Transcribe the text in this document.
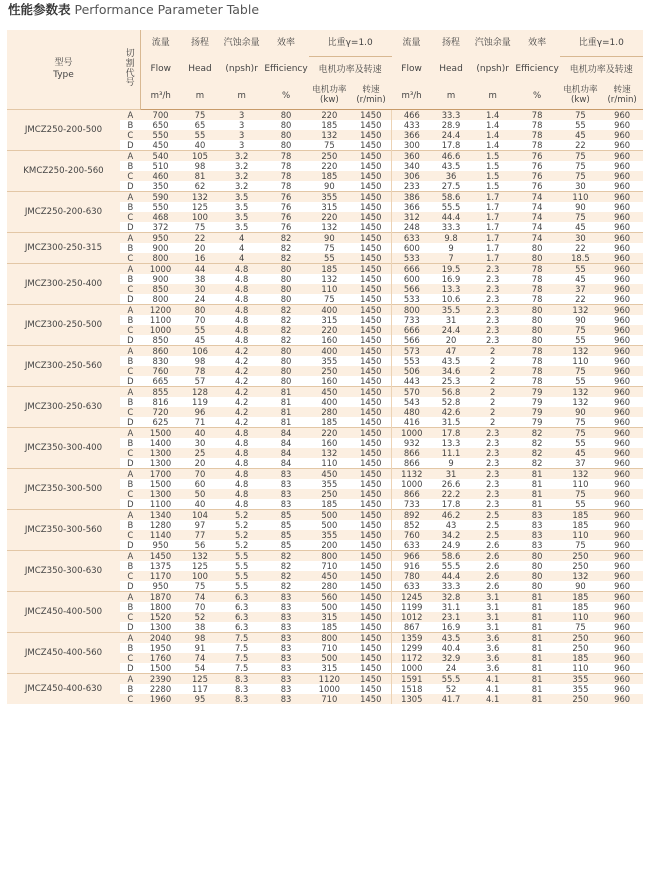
性能参数表 Performance Parameter Table
型号
Type	切割代号	流量	扬程	汽蚀余量	效率	比重γ=1.0		流量	扬程	汽蚀余量	效率	比重γ=1.0	
		Flow	Head	(npsh)r	Efficiency	电机功率及转速		Flow	Head	(npsh)r	Efficiency	电机功率及转速	
		m³/h	m	m	%	电机功率 (kw)	转速 (r/min)	m³/h	m	m	%	电机功率 (kw)	转速 (r/min)
JMCZ250-200-500	A	700	75	3	80	220	1450	466	33.3	1.4	78	75	960
	B	650	65	3	80	185	1450	433	28.9	1.4	78	55	960
	C	550	55	3	80	132	1450	366	24.4	1.4	78	45	960
	D	450	40	3	80	75	1450	300	17.8	1.4	78	22	960
KMCZ250-200-560	A	540	105	3.2	78	250	1450	360	46.6	1.5	76	75	960
	B	510	98	3.2	78	220	1450	340	43.5	1.5	76	75	960
	C	460	81	3.2	78	185	1450	306	36	1.5	76	75	960
	D	350	62	3.2	78	90	1450	233	27.5	1.5	76	30	960
JMCZ250-200-630	A	590	132	3.5	76	355	1450	386	58.6	1.7	74	110	960
	B	550	125	3.5	76	315	1450	366	55.5	1.7	74	90	960
	C	468	100	3.5	76	220	1450	312	44.4	1.7	74	75	960
	D	372	75	3.5	76	132	1450	248	33.3	1.7	74	45	960
JMCZ300-250-315	A	950	22	4	82	90	1450	633	9.8	1.7	74	30	960
	B	900	20	4	82	75	1450	600	9	1.7	80	22	960
	C	800	16	4	82	55	1450	533	7	1.7	80	18.5	960
JMCZ300-250-400	A	1000	44	4.8	80	185	1450	666	19.5	2.3	78	55	960
	B	900	38	4.8	80	132	1450	600	16.9	2.3	78	45	960
	C	850	30	4.8	80	110	1450	566	13.3	2.3	78	37	960
	D	800	24	4.8	80	75	1450	533	10.6	2.3	78	22	960
JMCZ300-250-500	A	1200	80	4.8	82	400	1450	800	35.5	2.3	80	132	960
	B	1100	70	4.8	82	315	1450	733	31	2.3	80	90	960
	C	1000	55	4.8	82	220	1450	666	24.4	2.3	80	75	960
	D	850	45	4.8	82	160	1450	566	20	2.3	80	55	960
JMCZ300-250-560	A	860	106	4.2	80	400	1450	573	47	2	78	132	960
	B	830	98	4.2	80	355	1450	553	43.5	2	78	110	960
	C	760	78	4.2	80	250	1450	506	34.6	2	78	75	960
	D	665	57	4.2	80	160	1450	443	25.3	2	78	55	960
JMCZ300-250-630	A	855	128	4.2	81	450	1450	570	56.8	2	79	132	960
	B	816	119	4.2	81	400	1450	543	52.8	2	79	132	960
	C	720	96	4.2	81	280	1450	480	42.6	2	79	90	960
	D	625	71	4.2	81	185	1450	416	31.5	2	79	75	960
JMCZ350-300-400	A	1500	40	4.8	84	220	1450	1000	17.8	2.3	82	75	960
	B	1400	30	4.8	84	160	1450	932	13.3	2.3	82	55	960
	C	1300	25	4.8	84	132	1450	866	11.1	2.3	82	45	960
	D	1300	20	4.8	84	110	1450	866	9	2.3	82	37	960
JMCZ350-300-500	A	1700	70	4.8	83	450	1450	1132	31	2.3	81	132	960
	B	1500	60	4.8	83	355	1450	1000	26.6	2.3	81	110	960
	C	1300	50	4.8	83	250	1450	866	22.2	2.3	81	75	960
	D	1100	40	4.8	83	185	1450	733	17.8	2.3	81	55	960
JMCZ350-300-560	A	1340	104	5.2	85	500	1450	892	46.2	2.5	83	185	960
	B	1280	97	5.2	85	500	1450	852	43	2.5	83	185	960
	C	1140	77	5.2	85	355	1450	760	34.2	2.5	83	110	960
	D	950	56	5.2	85	200	1450	633	24.9	2.6	83	75	960
JMCZ350-300-630	A	1450	132	5.5	82	800	1450	966	58.6	2.6	80	250	960
	B	1375	125	5.5	82	710	1450	916	55.5	2.6	80	250	960
	C	1170	100	5.5	82	450	1450	780	44.4	2.6	80	132	960
	D	950	75	5.5	82	280	1450	633	33.3	2.6	80	90	960
JMCZ450-400-500	A	1870	74	6.3	83	560	1450	1245	32.8	3.1	81	185	960
	B	1800	70	6.3	83	500	1450	1199	31.1	3.1	81	185	960
	C	1520	52	6.3	83	315	1450	1012	23.1	3.1	81	110	960
	D	1300	38	6.3	83	185	1450	867	16.9	3.1	81	75	960
JMCZ450-400-560	A	2040	98	7.5	83	800	1450	1359	43.5	3.6	81	250	960
	B	1950	91	7.5	83	710	1450	1299	40.4	3.6	81	250	960
	C	1760	74	7.5	83	500	1450	1172	32.9	3.6	81	185	960
	D	1500	54	7.5	83	315	1450	1000	24	3.6	81	110	960
JMCZ450-400-630	A	2390	125	8.3	83	1120	1450	1591	55.5	4.1	81	355	960
	B	2280	117	8.3	83	1000	1450	1518	52	4.1	81	355	960
	C	1960	95	8.3	83	710	1450	1305	41.7	4.1	81	250	960
